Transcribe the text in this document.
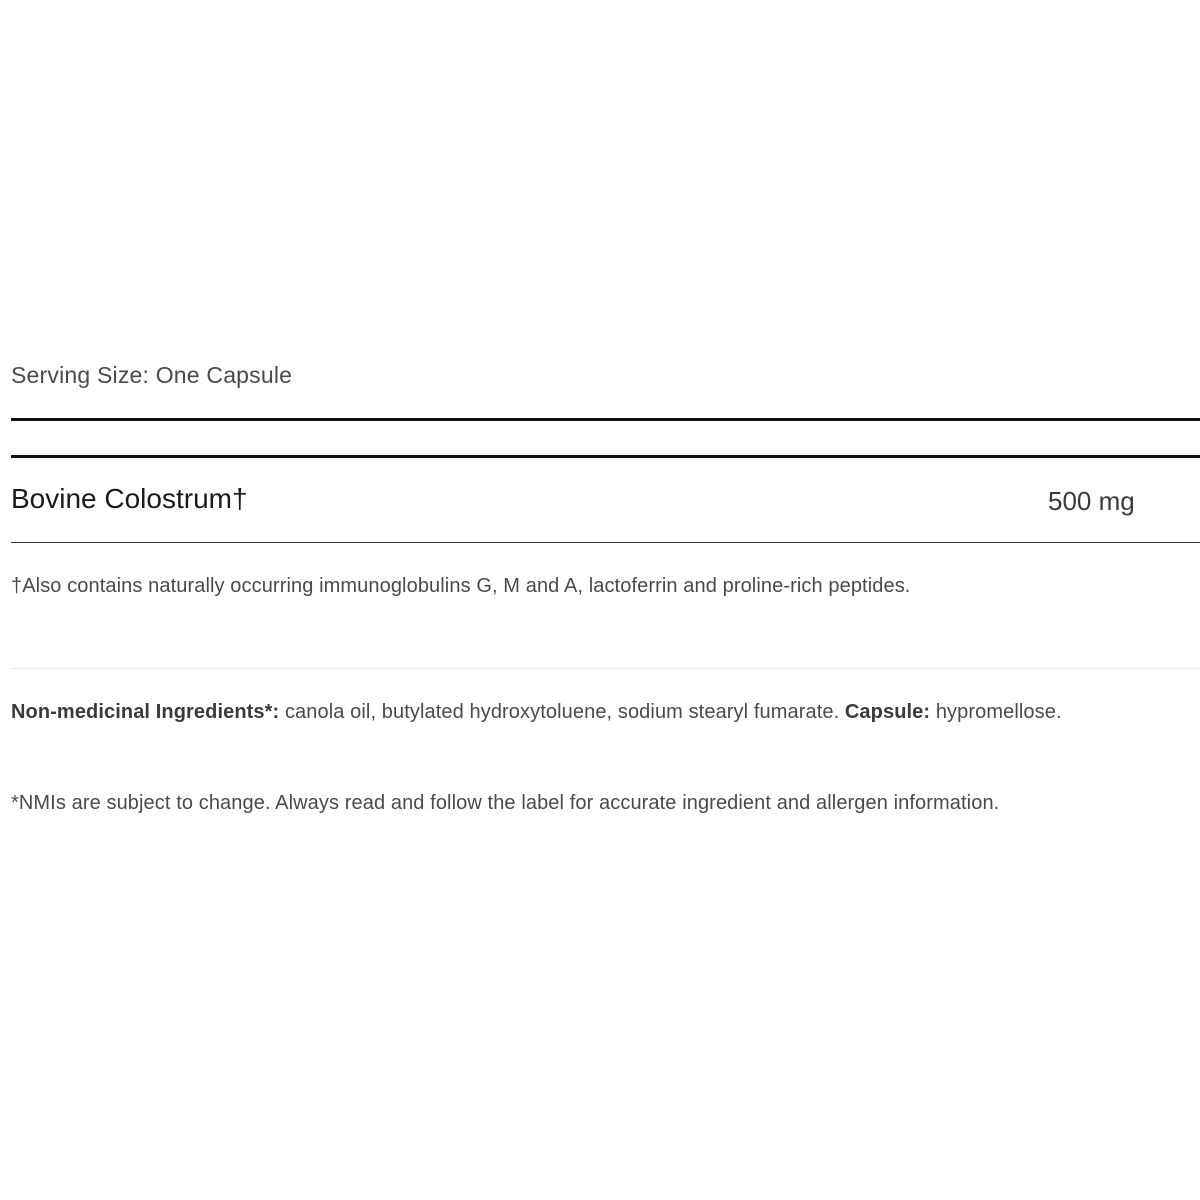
Serving Size: One Capsule
Bovine Colostrum†	500 mg
†Also contains naturally occurring immunoglobulins G, M and A, lactoferrin and proline-rich peptides.
Non-medicinal Ingredients*: canola oil, butylated hydroxytoluene, sodium stearyl fumarate. Capsule: hypromellose.
*NMIs are subject to change. Always read and follow the label for accurate ingredient and allergen information.
